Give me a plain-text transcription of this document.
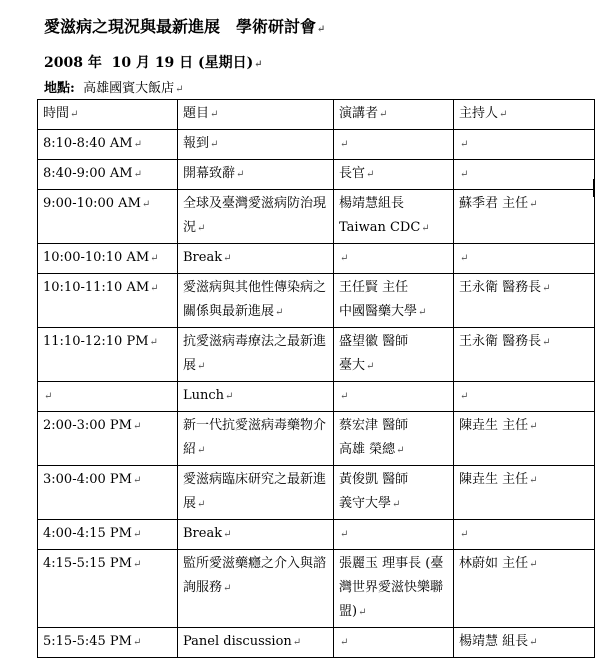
愛滋病之現況與最新進展　學術研討會↵
2008 年  10 月 19 日 (星期日)↵
地點:  高雄國賓大飯店↵
時間↵	題目↵	演講者↵	主持人↵
8:10-8:40 AM↵	報到↵	↵	↵
8:40-9:00 AM↵	開幕致辭↵	長官↵	↵
9:00-10:00 AM↵	全球及臺灣愛滋病防治現況↵	楊靖慧組長
Taiwan CDC↵	蘇季君 主任↵
10:00-10:10 AM↵	Break↵	↵	↵
10:10-11:10 AM↵	愛滋病與其他性傳染病之關係與最新進展↵	王任賢 主任
中國醫藥大學↵	王永衛 醫務長↵
11:10-12:10 PM↵	抗愛滋病毒療法之最新進展↵	盛望徽 醫師
臺大↵	王永衛 醫務長↵
↵	Lunch↵	↵	↵
2:00-3:00 PM↵	新一代抗愛滋病毒藥物介紹↵	蔡宏津 醫師
高雄 榮總↵	陳垚生 主任↵
3:00-4:00 PM↵	愛滋病臨床研究之最新進展↵	黃俊凱 醫師
義守大學↵	陳垚生 主任↵
4:00-4:15 PM↵	Break↵	↵	↵
4:15-5:15 PM↵	監所愛滋藥癮之介入與諮詢服務↵	張麗玉 理事長 (臺灣世界愛滋快樂聯盟)↵	林蔚如 主任↵
5:15-5:45 PM↵	Panel discussion↵	↵	楊靖慧 組長↵
